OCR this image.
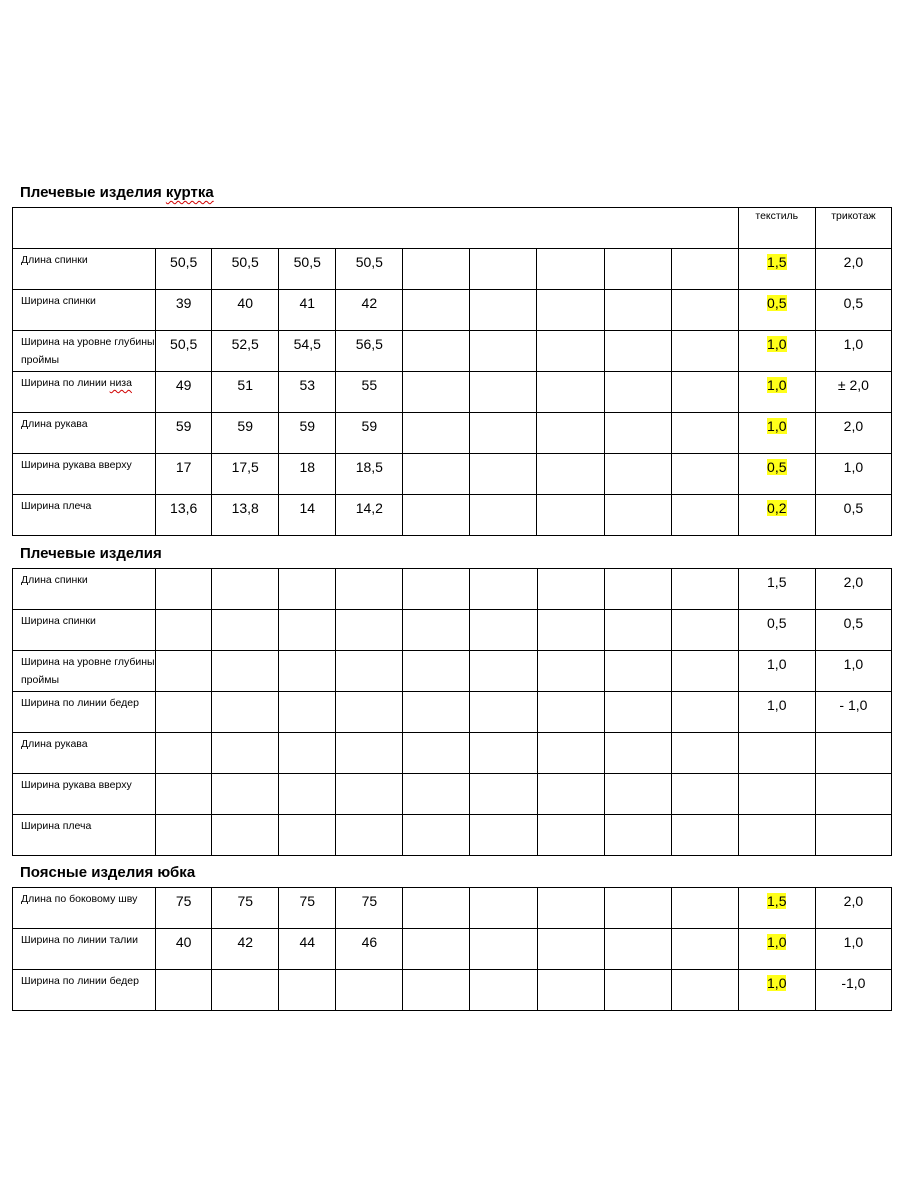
Плечевые изделия куртка

										текстиль	трикотаж

Длина спинки	50,5	50,5	50,5	50,5						1,5	2,0

Ширина спинки	39	40	41	42						0,5	0,5

Ширина на уровне глубины проймы	50,5	52,5	54,5	56,5						1,0	1,0

Ширина по линии низа	49	51	53	55						1,0	± 2,0

Длина рукава	59	59	59	59						1,0	2,0

Ширина рукава вверху	17	17,5	18	18,5						0,5	1,0

Ширина плеча	13,6	13,8	14	14,2						0,2	0,5
Плечевые изделия
Длина спинки										1,5	2,0

Ширина спинки										0,5	0,5

Ширина на уровне глубины проймы										1,0	1,0

Ширина по линии бедер										1,0	- 1,0

Длина рукава											

Ширина рукава вверху											

Ширина плеча											

Поясные изделия юбка
Длина по боковому шву	75	75	75	75						1,5	2,0

Ширина по линии талии	40	42	44	46						1,0	1,0

Ширина по линии бедер										1,0	-1,0
